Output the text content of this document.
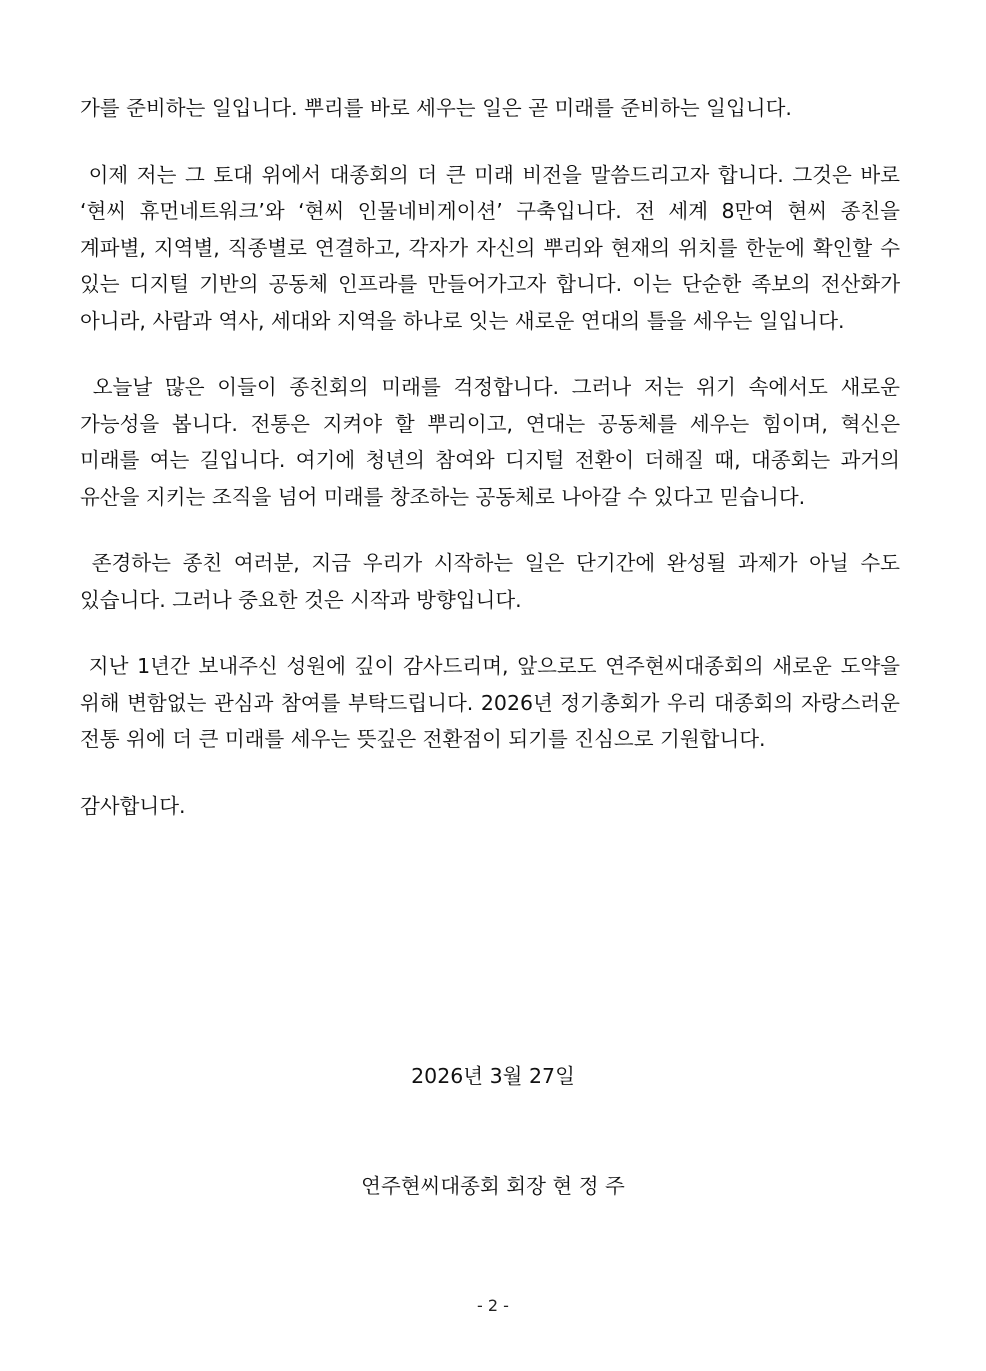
가를 준비하는 일입니다. 뿌리를 바로 세우는 일은 곧 미래를 준비하는 일입니다.

이제 저는 그 토대 위에서 대종회의 더 큰 미래 비전을 말씀드리고자 합니다. 그것은 바로 ‘현씨 휴먼네트워크’와 ‘현씨 인물네비게이션’ 구축입니다. 전 세계 8만여 현씨 종친을 계파별, 지역별, 직종별로 연결하고, 각자가 자신의 뿌리와 현재의 위치를 한눈에 확인할 수 있는 디지털 기반의 공동체 인프라를 만들어가고자 합니다. 이는 단순한 족보의 전산화가 아니라, 사람과 역사, 세대와 지역을 하나로 잇는 새로운 연대의 틀을 세우는 일입니다.

오늘날 많은 이들이 종친회의 미래를 걱정합니다. 그러나 저는 위기 속에서도 새로운 가능성을 봅니다. 전통은 지켜야 할 뿌리이고, 연대는 공동체를 세우는 힘이며, 혁신은 미래를 여는 길입니다. 여기에 청년의 참여와 디지털 전환이 더해질 때, 대종회는 과거의 유산을 지키는 조직을 넘어 미래를 창조하는 공동체로 나아갈 수 있다고 믿습니다.

존경하는 종친 여러분, 지금 우리가 시작하는 일은 단기간에 완성될 과제가 아닐 수도 있습니다. 그러나 중요한 것은 시작과 방향입니다.

지난 1년간 보내주신 성원에 깊이 감사드리며, 앞으로도 연주현씨대종회의 새로운 도약을 위해 변함없는 관심과 참여를 부탁드립니다. 2026년 정기총회가 우리 대종회의 자랑스러운 전통 위에 더 큰 미래를 세우는 뜻깊은 전환점이 되기를 진심으로 기원합니다.

감사합니다.

2026년 3월 27일
연주현씨대종회 회장 현 정 주
- 2 -
